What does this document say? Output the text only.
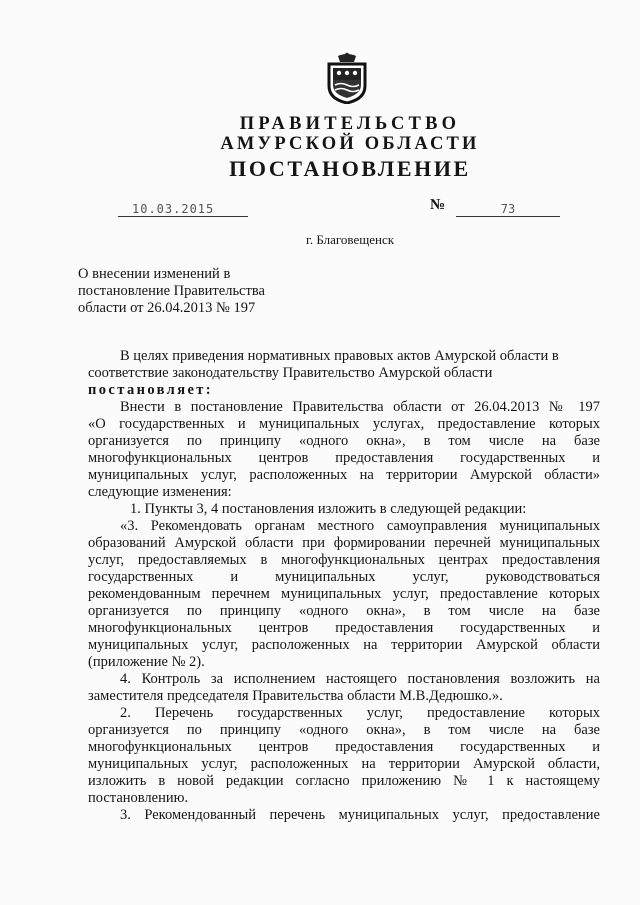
ПРАВИТЕЛЬСТВО
АМУРСКОЙ ОБЛАСТИ
ПОСТАНОВЛЕНИЕ
10.03.2015	№	73
г. Благовещенск
О внесении изменений в
постановление Правительства
области от 26.04.2013 № 197
В целях приведения нормативных правовых актов Амурской области в
соответствие законодательству Правительство Амурской области
постановляет:
Внести в постановление Правительства области от 26.04.2013 № 197
«О государственных и муниципальных услугах, предоставление которых
организуется по принципу «одного окна», в том числе на базе
многофункциональных центров предоставления государственных и
муниципальных услуг, расположенных на территории Амурской области»
следующие изменения:
1. Пункты 3, 4 постановления изложить в следующей редакции:
«3. Рекомендовать органам местного самоуправления муниципальных
образований Амурской области при формировании перечней муниципальных
услуг, предоставляемых в многофункциональных центрах предоставления
государственных и муниципальных услуг, руководствоваться
рекомендованным перечнем муниципальных услуг, предоставление которых
организуется по принципу «одного окна», в том числе на базе
многофункциональных центров предоставления государственных и
муниципальных услуг, расположенных на территории Амурской области
(приложение № 2).
4. Контроль за исполнением настоящего постановления возложить на
заместителя председателя Правительства области М.В.Дедюшко.».
2. Перечень государственных услуг, предоставление которых
организуется по принципу «одного окна», в том числе на базе
многофункциональных центров предоставления государственных и
муниципальных услуг, расположенных на территории Амурской области,
изложить в новой редакции согласно приложению № 1 к настоящему
постановлению.
3. Рекомендованный перечень муниципальных услуг, предоставление
